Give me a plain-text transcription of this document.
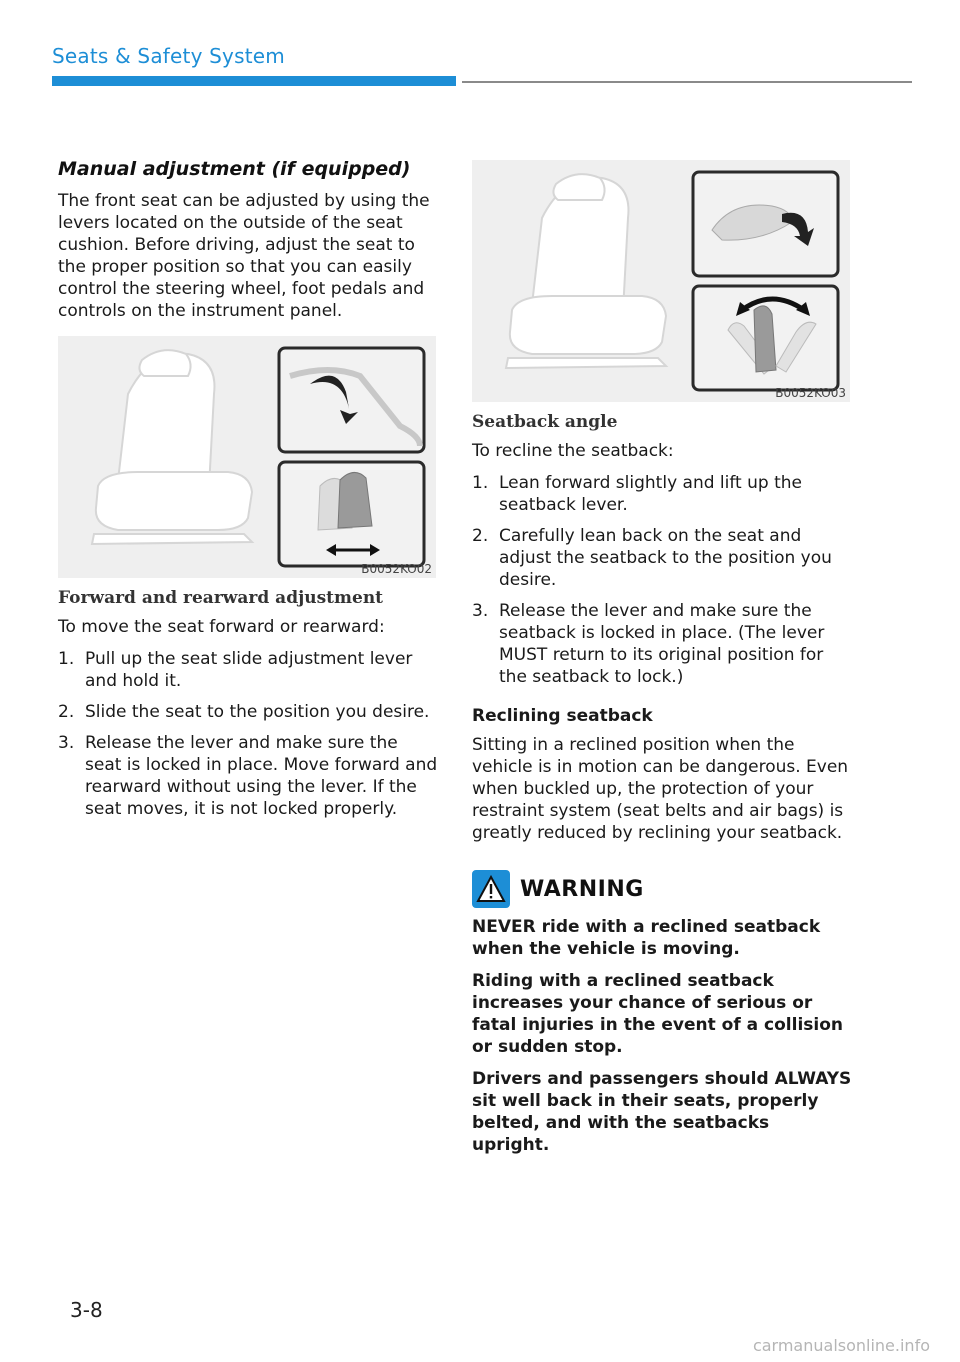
Seats & Safety System
Manual adjustment (if equipped)

The front seat can be adjusted by using the levers located on the outside of the seat cushion. Before driving, adjust the seat to the proper position so that you can easily control the steering wheel, foot pedals and controls on the instrument panel.

B0052KO02
Forward and rearward adjustment

To move the seat forward or rearward:

1. Pull up the seat slide adjustment lever and hold it.
2. Slide the seat to the position you desire.
3. Release the lever and make sure the seat is locked in place. Move forward and rearward without using the lever. If the seat moves, it is not locked properly.
B0052KO03
Seatback angle

To recline the seatback:

1. Lean forward slightly and lift up the seatback lever.
2. Carefully lean back on the seat and adjust the seatback to the position you desire.
3. Release the lever and make sure the seatback is locked in place. (The lever MUST return to its original position for the seatback to lock.)
Reclining seatback

Sitting in a reclined position when the vehicle is in motion can be dangerous. Even when buckled up, the protection of your restraint system (seat belts and air bags) is greatly reduced by reclining your seatback.

WARNING

NEVER ride with a reclined seatback when the vehicle is moving.

Riding with a reclined seatback increases your chance of serious or fatal injuries in the event of a collision or sudden stop.

Drivers and passengers should ALWAYS sit well back in their seats, properly belted, and with the seatbacks upright.

3-8
carmanualsonline.info
